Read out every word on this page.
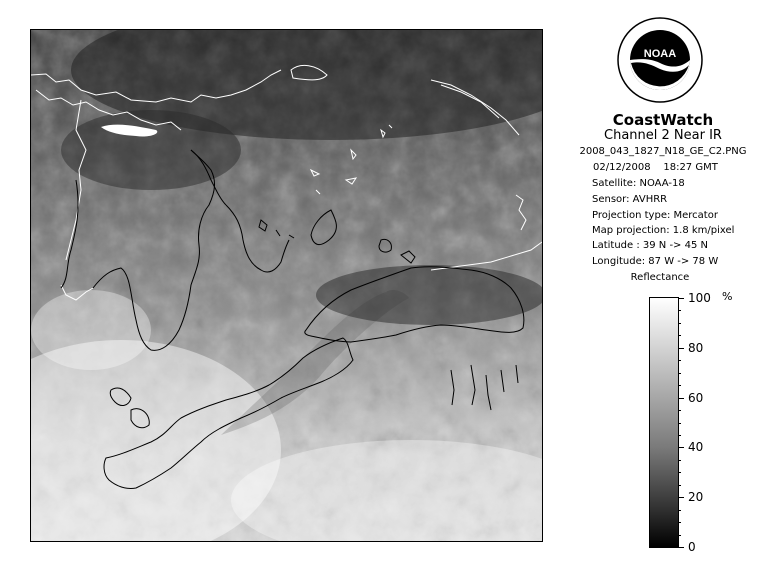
NOAA
CoastWatch
Channel 2 Near IR
2008_043_1827_N18_GE_C2.PNG
02/12/2008    18:27 GMT
Satellite: NOAA-18
Sensor: AVHRR
Projection type: Mercator
Map projection: 1.8 km/pixel
Latitude : 39 N -> 45 N
Longitude: 87 W -> 78 W
Reflectance
%
100
80
60
40
20
0
